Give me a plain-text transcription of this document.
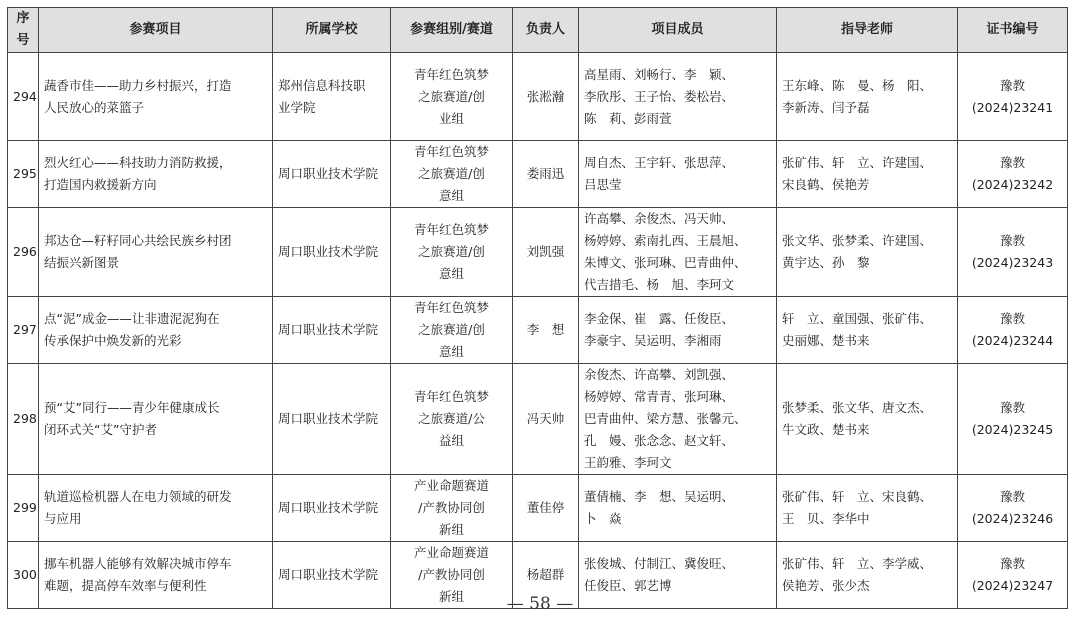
序号	参赛项目	所属学校	参赛组别/赛道	负责人	项目成员	指导老师	证书编号
294	蔬香市佳——助力乡村振兴，打造
人民放心的菜篮子	郑州信息科技职
业学院	青年红色筑梦
之旅赛道/创
业组	张淞瀚	高星雨、刘畅行、李　颖、
李欣彤、王子怡、娄松岩、
陈　莉、彭雨萱	王东峰、陈　曼、杨　阳、
李新涛、闫予磊	豫教(2024)23241
295	烈火红心——科技助力消防救援，
打造国内救援新方向	周口职业技术学院	青年红色筑梦
之旅赛道/创
意组	娄雨迅	周自杰、王宇轩、张思萍、
吕思莹	张矿伟、轩　立、许建国、
宋良鹤、侯艳芳	豫教(2024)23242
296	邦达仓—籽籽同心共绘民族乡村团
结振兴新图景	周口职业技术学院	青年红色筑梦
之旅赛道/创
意组	刘凯强	许高攀、余俊杰、冯天帅、
杨婷婷、索南扎西、王晨旭、
朱博文、张珂琳、巴青曲仲、
代吉措毛、杨　旭、李珂文	张文华、张梦柔、许建国、
黄宇达、孙　黎	豫教(2024)23243
297	点“泥”成金——让非遗泥泥狗在
传承保护中焕发新的光彩	周口职业技术学院	青年红色筑梦
之旅赛道/创
意组	李　想	李金保、崔　露、任俊臣、
李豪宇、吴运明、李湘雨	轩　立、童国强、张矿伟、
史丽娜、楚书来	豫教(2024)23244
298	预“艾”同行——青少年健康成长
闭环式关“艾”守护者	周口职业技术学院	青年红色筑梦
之旅赛道/公
益组	冯天帅	余俊杰、许高攀、刘凯强、
杨婷婷、常青青、张珂琳、
巴青曲仲、梁方慧、张馨元、
孔　嫚、张念念、赵文轩、
王韵雅、李珂文	张梦柔、张文华、唐文杰、
牛文政、楚书来	豫教(2024)23245
299	轨道巡检机器人在电力领域的研发
与应用	周口职业技术学院	产业命题赛道
/产教协同创
新组	董佳停	董倩楠、李　想、吴运明、
卜　焱	张矿伟、轩　立、宋良鹤、
王　贝、李华中	豫教(2024)23246
300	挪车机器人能够有效解决城市停车
难题，提高停车效率与便利性	周口职业技术学院	产业命题赛道
/产教协同创
新组	杨超群	张俊城、付制江、冀俊旺、
任俊臣、郭艺博	张矿伟、轩　立、李学威、
侯艳芳、张少杰	豫教(2024)23247
— 58 —
